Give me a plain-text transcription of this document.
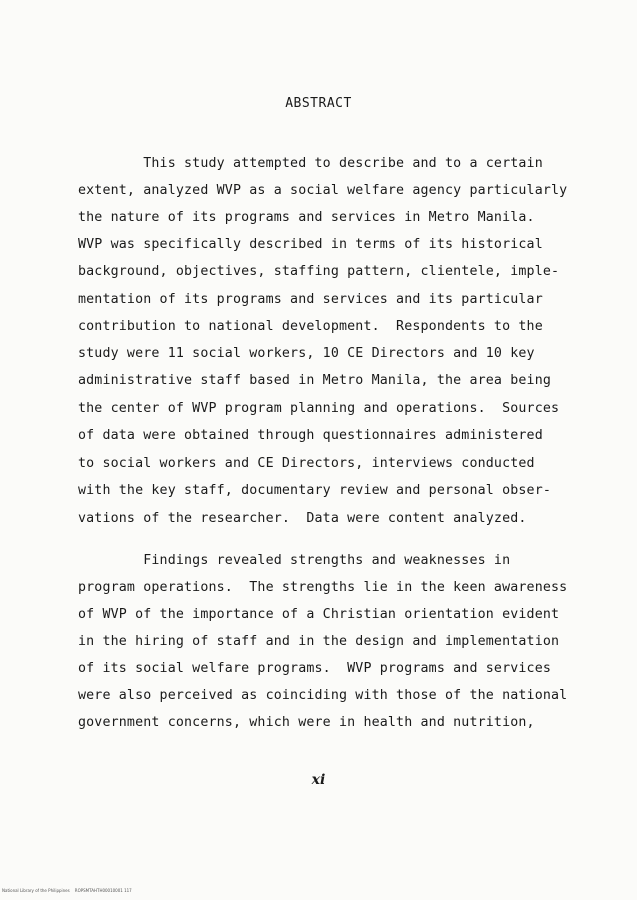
ABSTRACT
This study attempted to describe and to a certain
extent, analyzed WVP as a social welfare agency particularly
the nature of its programs and services in Metro Manila.
WVP was specifically described in terms of its historical
background, objectives, staffing pattern, clientele, imple-
mentation of its programs and services and its particular
contribution to national development.  Respondents to the
study were 11 social workers, 10 CE Directors and 10 key
administrative staff based in Metro Manila, the area being
the center of WVP program planning and operations.  Sources
of data were obtained through questionnaires administered
to social workers and CE Directors, interviews conducted
with the key staff, documentary review and personal obser-
vations of the researcher.  Data were content analyzed.
Findings revealed strengths and weaknesses in
program operations.  The strengths lie in the keen awareness
of WVP of the importance of a Christian orientation evident
in the hiring of staff and in the design and implementation
of its social welfare programs.  WVP programs and services
were also perceived as coinciding with those of the national
government concerns, which were in health and nutrition,
xi
National Library of the Philippines    ROPSMTAHTH00010001 117
